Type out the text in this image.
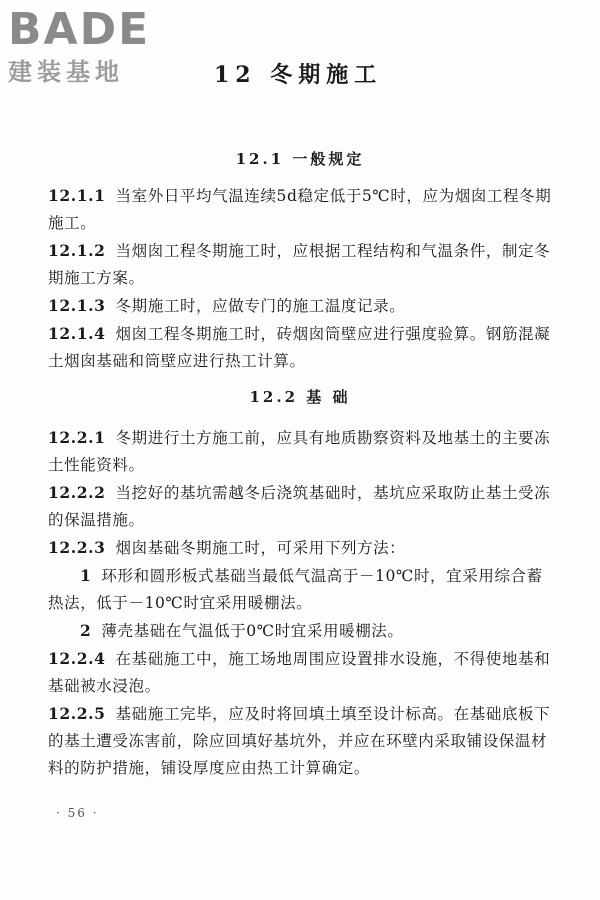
BADE
建装基地	12 冬期施工
12.1 一般规定

12.1.1 当室外日平均气温连续5d稳定低于5℃时，应为烟囱工程冬期施工。

12.1.2 当烟囱工程冬期施工时，应根据工程结构和气温条件，制定冬期施工方案。

12.1.3 冬期施工时，应做专门的施工温度记录。

12.1.4 烟囱工程冬期施工时，砖烟囱筒壁应进行强度验算。钢筋混凝土烟囱基础和筒壁应进行热工计算。

12.2 基 础

12.2.1 冬期进行土方施工前，应具有地质勘察资料及地基土的主要冻土性能资料。

12.2.2 当挖好的基坑需越冬后浇筑基础时，基坑应采取防止基土受冻的保温措施。

12.2.3 烟囱基础冬期施工时，可采用下列方法：

1 环形和圆形板式基础当最低气温高于－10℃时，宜采用综合蓄热法，低于－10℃时宜采用暖棚法。

2 薄壳基础在气温低于0℃时宜采用暖棚法。

12.2.4 在基础施工中，施工场地周围应设置排水设施，不得使地基和基础被水浸泡。

12.2.5 基础施工完毕，应及时将回填土填至设计标高。在基础底板下的基土遭受冻害前，除应回填好基坑外，并应在环壁内采取铺设保温材料的防护措施，铺设厚度应由热工计算确定。

· 56 ·
